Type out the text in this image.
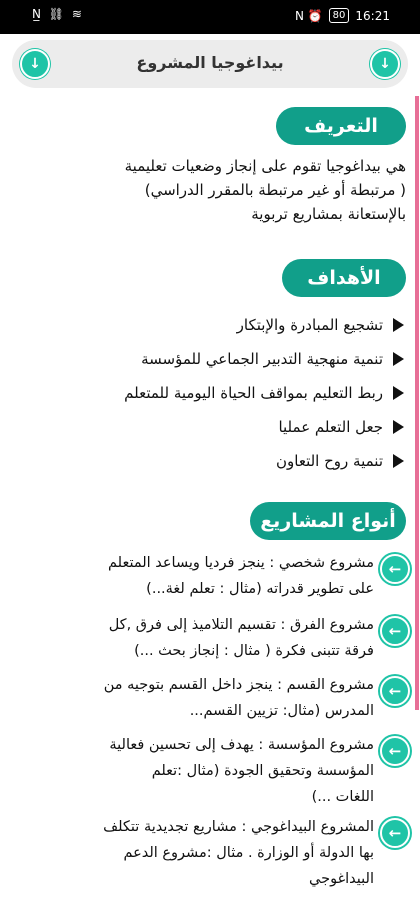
N̲ ⛓ ≋	N ⏰	80 16:21
↓	بيداغوجيا المشروع	↓
التعريف
هي بيداغوجيا تقوم على إنجاز وضعيات تعليمية
( مرتبطة أو غير مرتبطة بالمقرر الدراسي)
بالإستعانة بمشاريع تربوية
الأهداف
تشجيع المبادرة والإبتكار
تنمية منهجية التدبير الجماعي للمؤسسة
ربط التعليم بمواقف الحياة اليومية للمتعلم
جعل التعلم عمليا
تنمية روح التعاون
أنواع المشاريع
←
مشروع شخصي : ينجز فرديا ويساعد المتعلم
على تطوير قدراته (مثال : تعلم لغة...)
←
مشروع الفرق : تقسيم التلاميذ إلى فرق ,كل
فرقة تتبنى فكرة ( مثال : إنجاز بحث ...)
←
مشروع القسم : ينجز داخل القسم بتوجيه من
المدرس (مثال: تزيين القسم...
←
مشروع المؤسسة : يهدف إلى تحسين فعالية
المؤسسة وتحقيق الجودة (مثال :تعلم
اللغات ...)
←
المشروع البيداغوجي : مشاريع تجديدية تتكلف
بها الدولة أو الوزارة . مثال :مشروع الدعم
البيداغوجي
